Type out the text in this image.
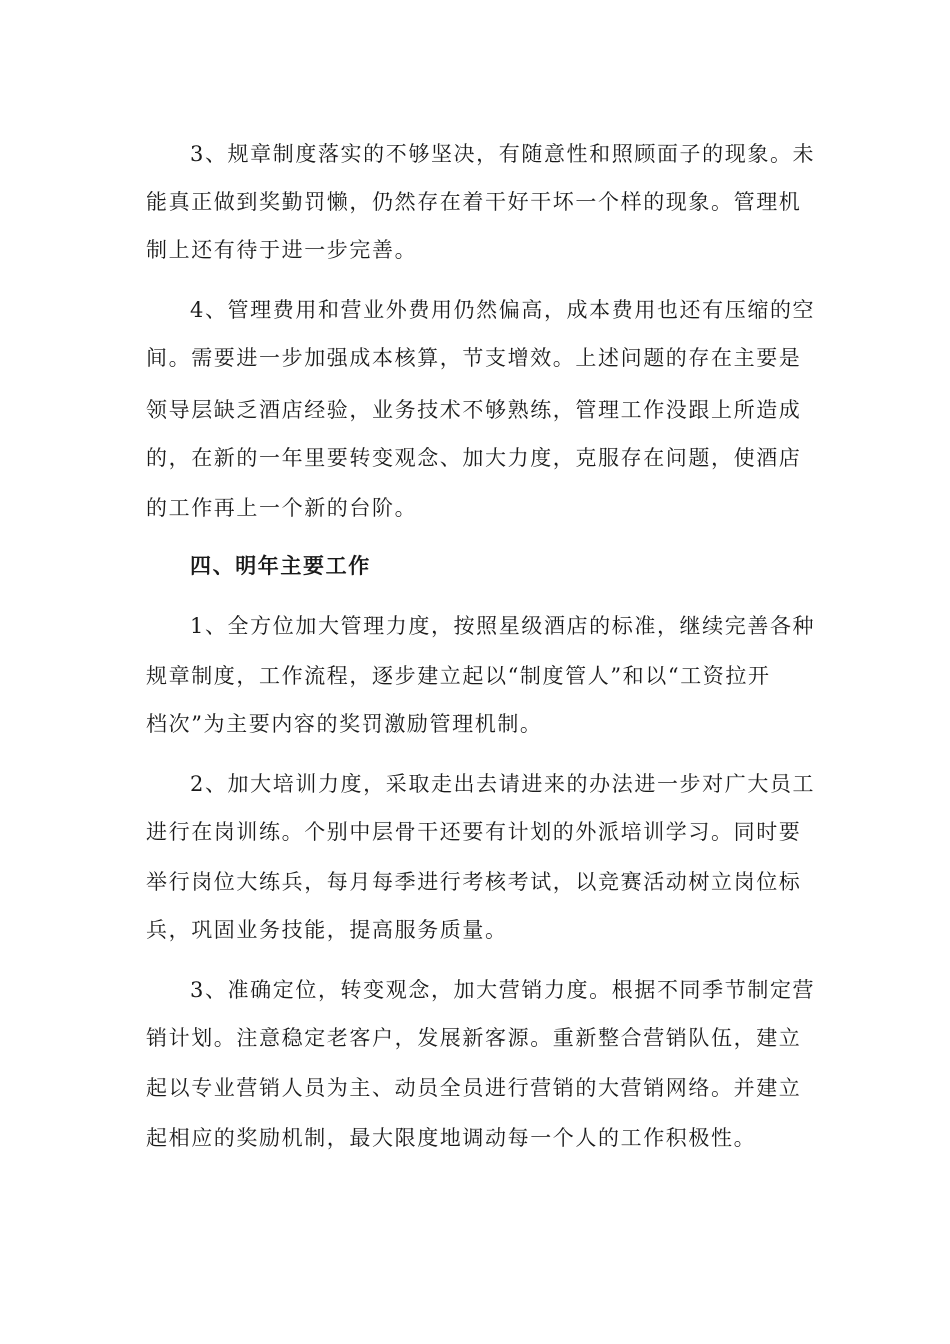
3、规章制度落实的不够坚决，有随意性和照顾面子的现象。未
能真正做到奖勤罚懒，仍然存在着干好干坏一个样的现象。管理机
制上还有待于进一步完善。
4、管理费用和营业外费用仍然偏高，成本费用也还有压缩的空
间。需要进一步加强成本核算，节支增效。上述问题的存在主要是
领导层缺乏酒店经验，业务技术不够熟练，管理工作没跟上所造成
的，在新的一年里要转变观念、加大力度，克服存在问题，使酒店
的工作再上一个新的台阶。
四、明年主要工作
1、全方位加大管理力度，按照星级酒店的标准，继续完善各种
规章制度，工作流程，逐步建立起以“制度管人”和以“工资拉开
档次”为主要内容的奖罚激励管理机制。
2、加大培训力度，采取走出去请进来的办法进一步对广大员工
进行在岗训练。个别中层骨干还要有计划的外派培训学习。同时要
举行岗位大练兵，每月每季进行考核考试，以竞赛活动树立岗位标
兵，巩固业务技能，提高服务质量。
3、准确定位，转变观念，加大营销力度。根据不同季节制定营
销计划。注意稳定老客户，发展新客源。重新整合营销队伍，建立
起以专业营销人员为主、动员全员进行营销的大营销网络。并建立
起相应的奖励机制，最大限度地调动每一个人的工作积极性。
